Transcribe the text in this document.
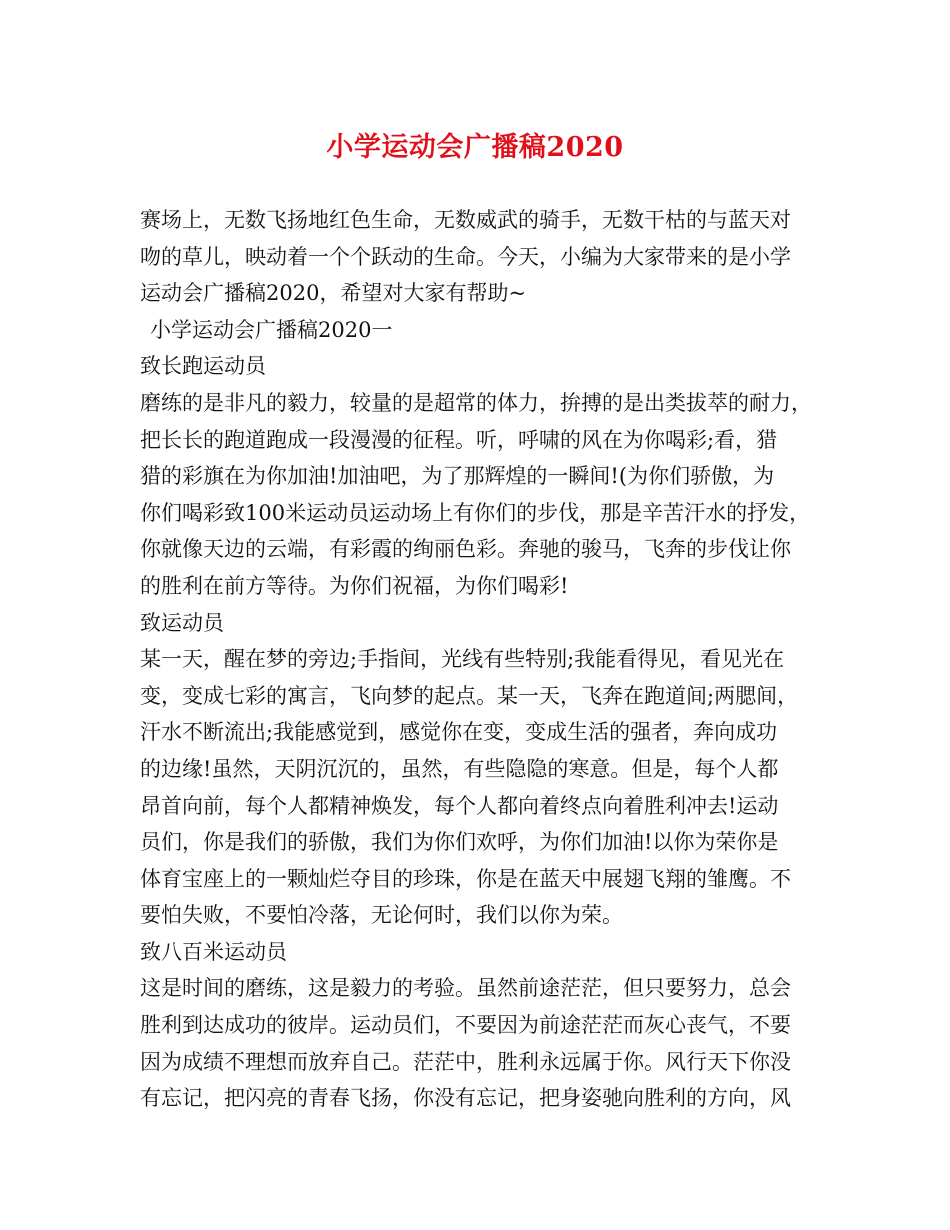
小学运动会广播稿2020
赛场上，无数飞扬地红色生命，无数威武的骑手，无数干枯的与蓝天对
吻的草儿，映动着一个个跃动的生命。今天，小编为大家带来的是小学
运动会广播稿2020，希望对大家有帮助~
小学运动会广播稿2020一
致长跑运动员
磨练的是非凡的毅力，较量的是超常的体力，拚搏的是出类拔萃的耐力，
把长长的跑道跑成一段漫漫的征程。听，呼啸的风在为你喝彩;看，猎
猎的彩旗在为你加油!加油吧，为了那辉煌的一瞬间!(为你们骄傲，为
你们喝彩致100米运动员运动场上有你们的步伐，那是辛苦汗水的抒发，
你就像天边的云端，有彩霞的绚丽色彩。奔驰的骏马，飞奔的步伐让你
的胜利在前方等待。为你们祝福，为你们喝彩!
致运动员
某一天，醒在梦的旁边;手指间，光线有些特别;我能看得见，看见光在
变，变成七彩的寓言，飞向梦的起点。某一天，飞奔在跑道间;两腮间，
汗水不断流出;我能感觉到，感觉你在变，变成生活的强者，奔向成功
的边缘!虽然，天阴沉沉的，虽然，有些隐隐的寒意。但是，每个人都
昂首向前，每个人都精神焕发，每个人都向着终点向着胜利冲去!运动
员们，你是我们的骄傲，我们为你们欢呼，为你们加油!以你为荣你是
体育宝座上的一颗灿烂夺目的珍珠，你是在蓝天中展翅飞翔的雏鹰。不
要怕失败，不要怕冷落，无论何时，我们以你为荣。
致八百米运动员
这是时间的磨练，这是毅力的考验。虽然前途茫茫，但只要努力，总会
胜利到达成功的彼岸。运动员们，不要因为前途茫茫而灰心丧气，不要
因为成绩不理想而放弃自己。茫茫中，胜利永远属于你。风行天下你没
有忘记，把闪亮的青春飞扬，你没有忘记，把身姿驰向胜利的方向，风
